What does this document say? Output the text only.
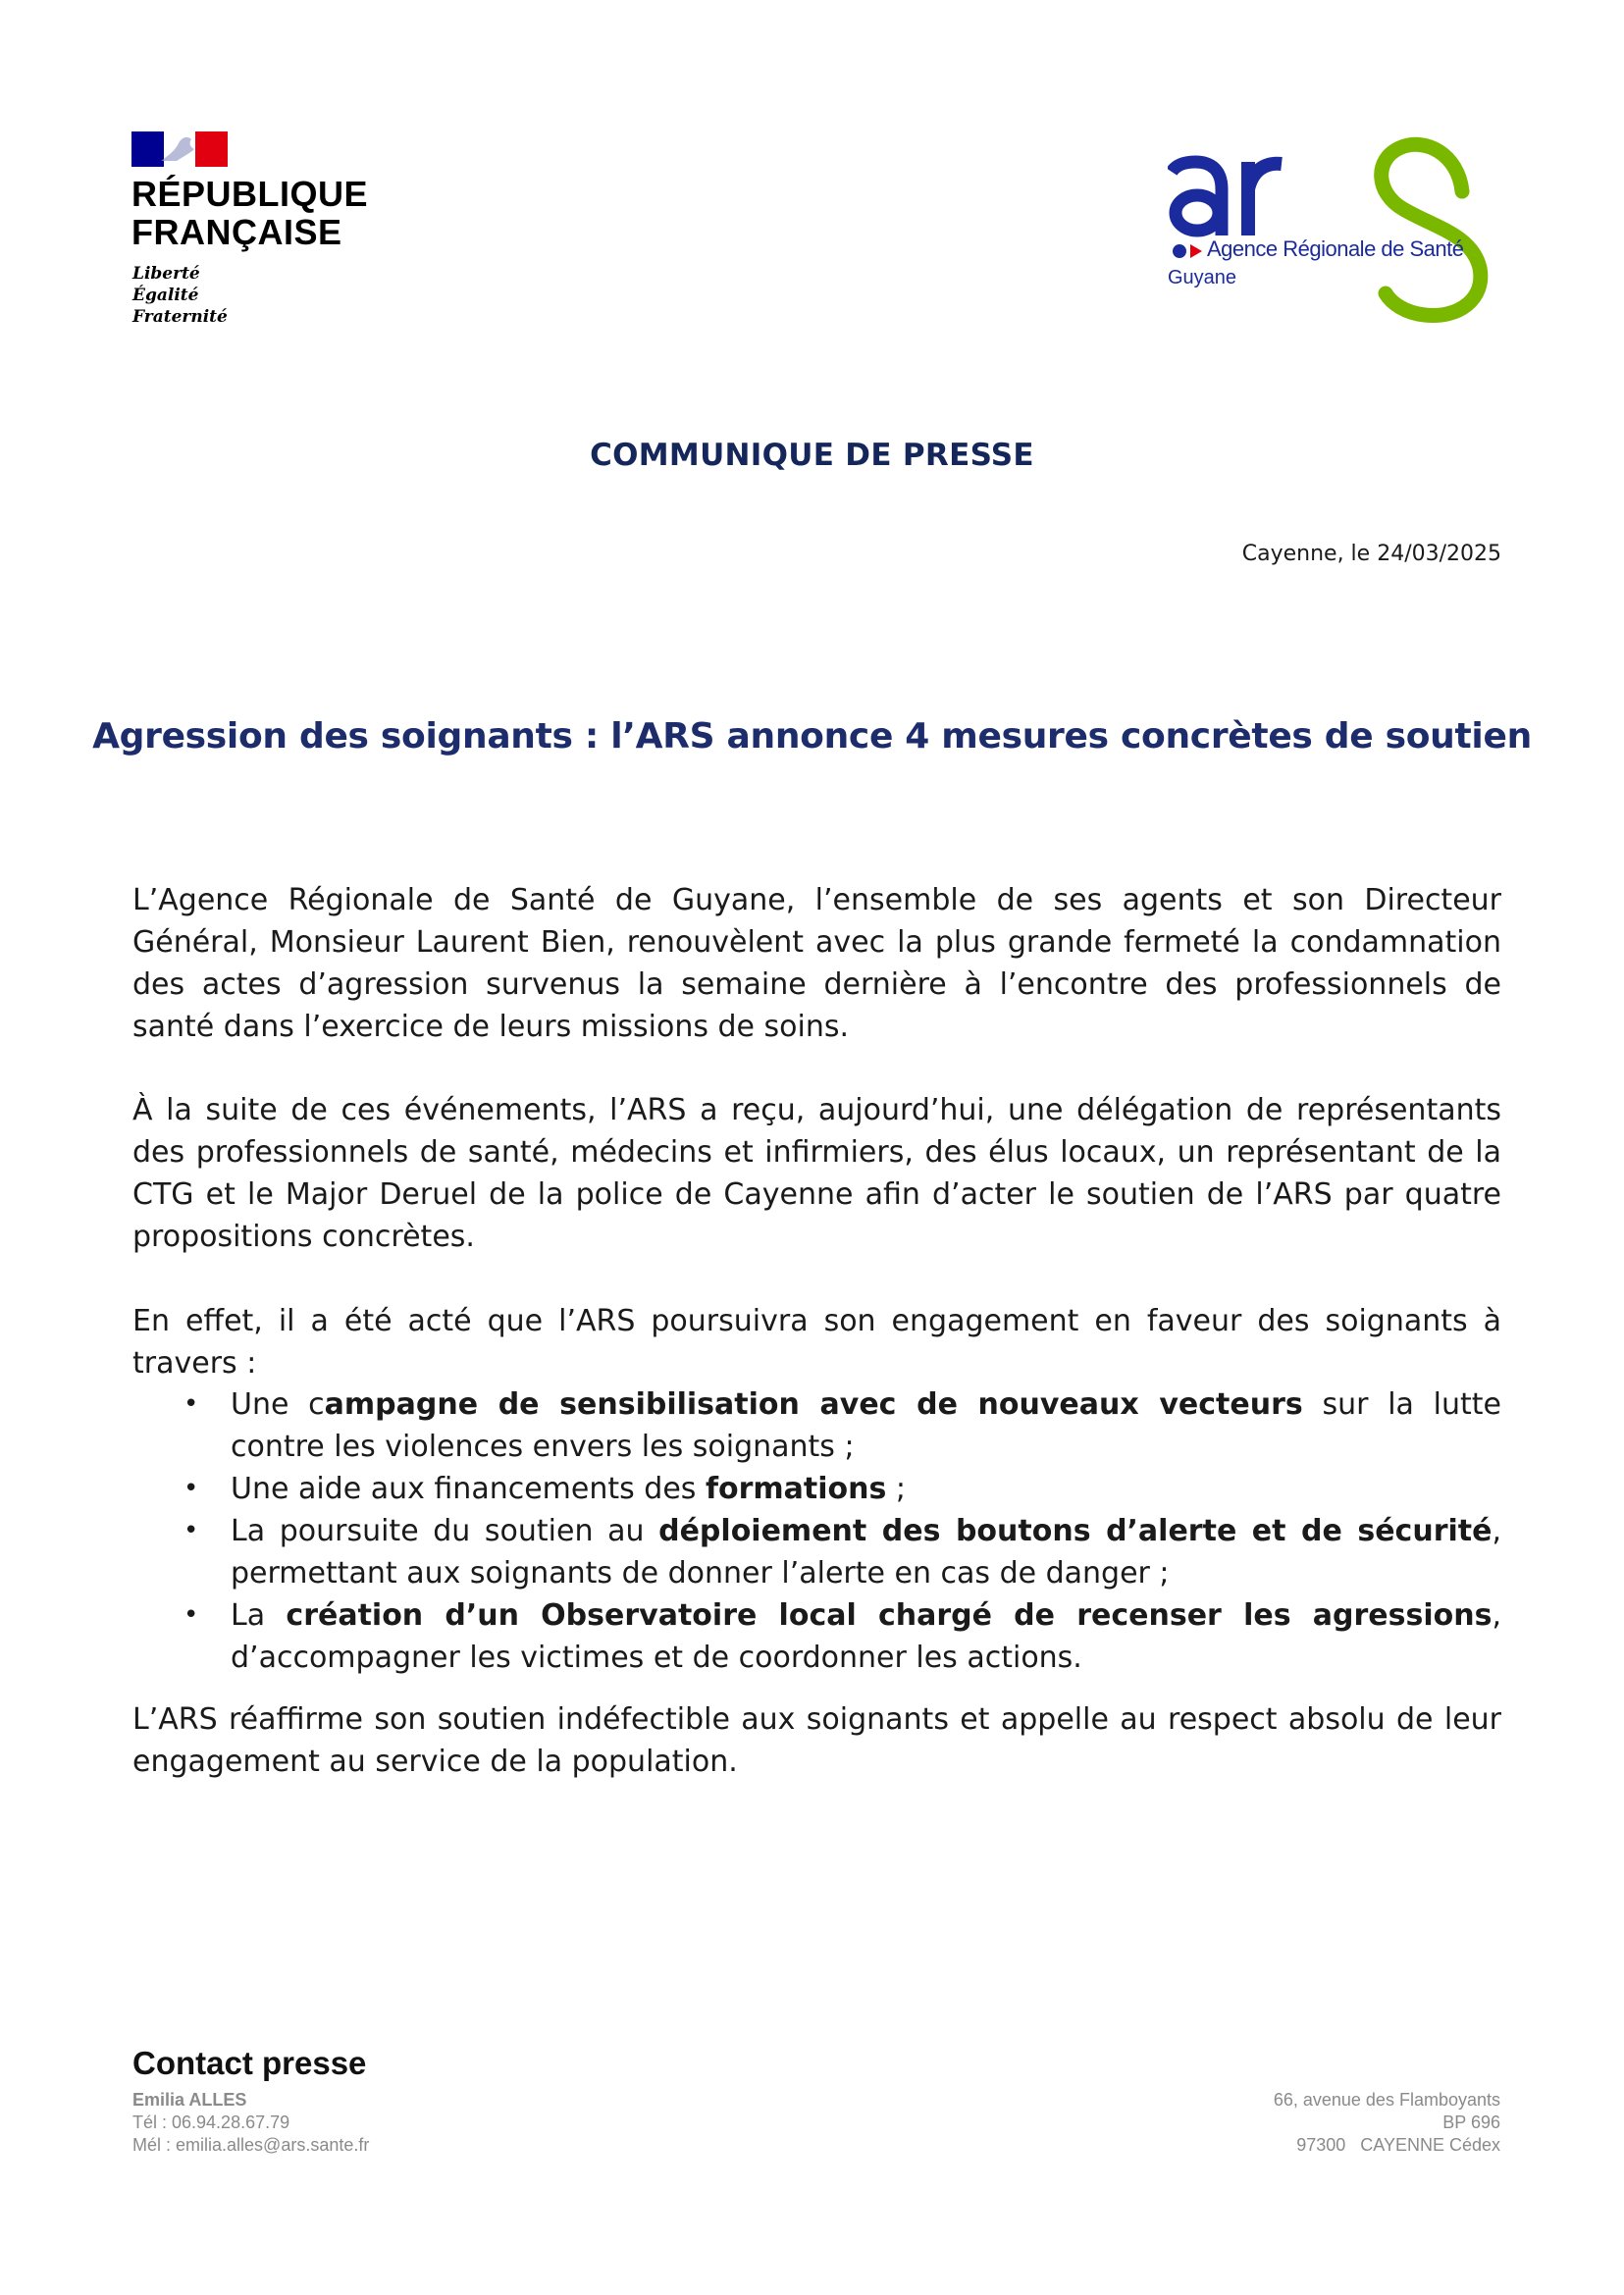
RÉPUBLIQUE
FRANÇAISE
Liberté
Égalité
Fraternité
Agence Régionale de Santé
Guyane
COMMUNIQUE DE PRESSE
Cayenne, le 24/03/2025
Agression des soignants : l’ARS annonce 4 mesures concrètes de soutien

L’Agence Régionale de Santé de Guyane, l’ensemble de ses agents et son Directeur Général, Monsieur Laurent Bien, renouvèlent avec la plus grande fermeté la condamnation des actes d’agression survenus la semaine dernière à l’encontre des professionnels de santé dans l’exercice de leurs missions de soins.

À la suite de ces événements, l’ARS a reçu, aujourd’hui, une délégation de représentants des professionnels de santé, médecins et infirmiers, des élus locaux, un représentant de la CTG et le Major Deruel de la police de Cayenne afin d’acter le soutien de l’ARS par quatre propositions concrètes.

En effet, il a été acté que l’ARS poursuivra son engagement en faveur des soignants à travers :

• Une campagne de sensibilisation avec de nouveaux vecteurs sur la lutte contre les violences envers les soignants ;
• Une aide aux financements des formations ;
• La poursuite du soutien au déploiement des boutons d’alerte et de sécurité, permettant aux soignants de donner l’alerte en cas de danger ;
• La création d’un Observatoire local chargé de recenser les agressions, d’accompagner les victimes et de coordonner les actions.

L’ARS réaffirme son soutien indéfectible aux soignants et appelle au respect absolu de leur engagement au service de la population.

Contact presse
Emilia ALLES
Tél : 06.94.28.67.79
Mél : emilia.alles@ars.sante.fr
66, avenue des Flamboyants
BP 696
97300   CAYENNE Cédex
